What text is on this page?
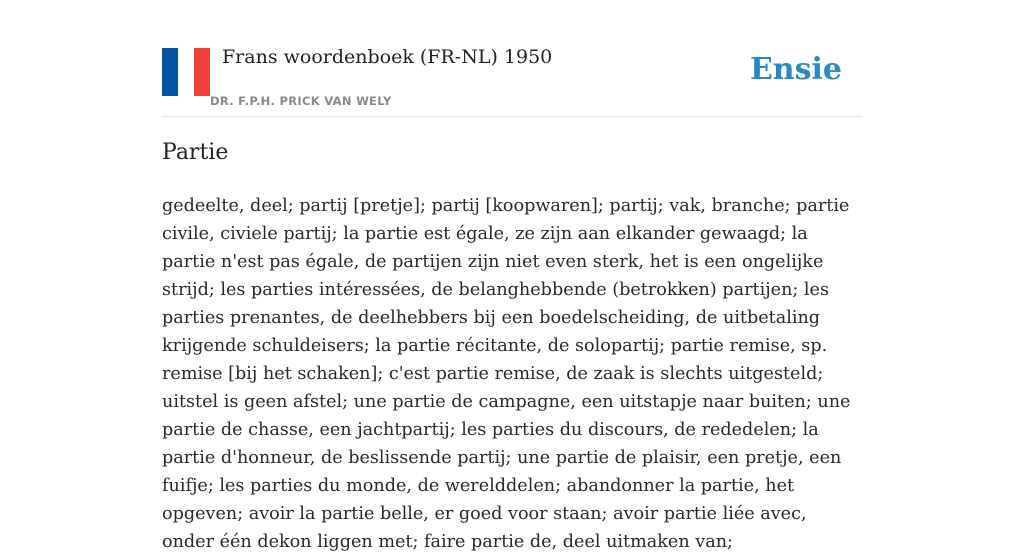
Frans woordenboek (FR-NL) 1950
DR. F.P.H. PRICK VAN WELY
Ensie
Partie

gedeelte, deel; partij [pretje]; partij [koopwaren]; partij; vak, branche; partie civile, civiele partij; la partie est égale, ze zijn aan elkander gewaagd; la partie n'est pas égale, de partijen zijn niet even sterk, het is een ongelijke strijd; les parties intéressées, de belanghebbende (betrokken) partijen; les parties prenantes, de deelhebbers bij een boedelscheiding, de uitbetaling krijgende schuldeisers; la partie récitante, de solopartij; partie remise, sp. remise [bij het schaken]; c'est partie remise, de zaak is slechts uitgesteld; uitstel is geen afstel; une partie de campagne, een uitstapje naar buiten; une partie de chasse, een jachtpartij; les parties du discours, de rededelen; la partie d'honneur, de beslissende partij; une partie de plaisir, een pretje, een fuifje; les parties du monde, de werelddelen; abandonner la partie, het opgeven; avoir la partie belle, er goed voor staan; avoir partie liée avec, onder één dekon liggen met; faire partie de, deel uitmaken van;
